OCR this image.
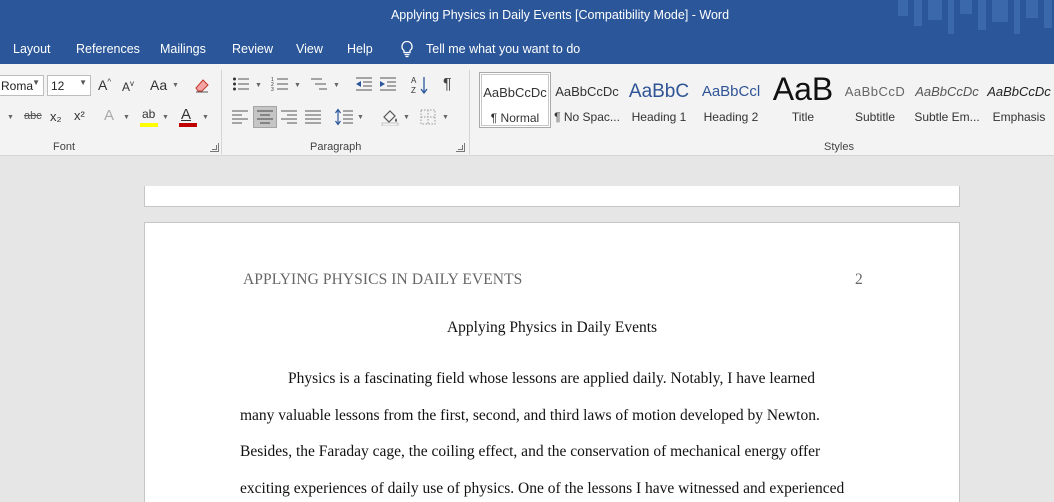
Applying Physics in Daily Events [Compatibility Mode] - Word
Layout References Mailings Review View Help	Tell me what you want to do
Roma ▼ 12 ▼ A^ $A^v$ Aa ▼
▼ abc x₂ x² A ▼ ab ▼ A ▼
Font
▼
1
2
3
▼	▼
A
Z ¶
▼	▼	▼
Paragraph
AaBbCcDc
¶ Normal
AaBbCcDc
¶ No Spac...
AaBbC
Heading 1
AaBbCcl
Heading 2
AaB
Title
AaBbCcD
Subtitle
AaBbCcDc
Subtle Em...
AaBbCcDc
Emphasis
Styles
APPLYING PHYSICS IN DAILY EVENTS	2
Applying Physics in Daily Events
Physics is a fascinating field whose lessons are applied daily. Notably, I have learned
many valuable lessons from the first, second, and third laws of motion developed by Newton.
Besides, the Faraday cage, the coiling effect, and the conservation of mechanical energy offer
exciting experiences of daily use of physics. One of the lessons I have witnessed and experienced
